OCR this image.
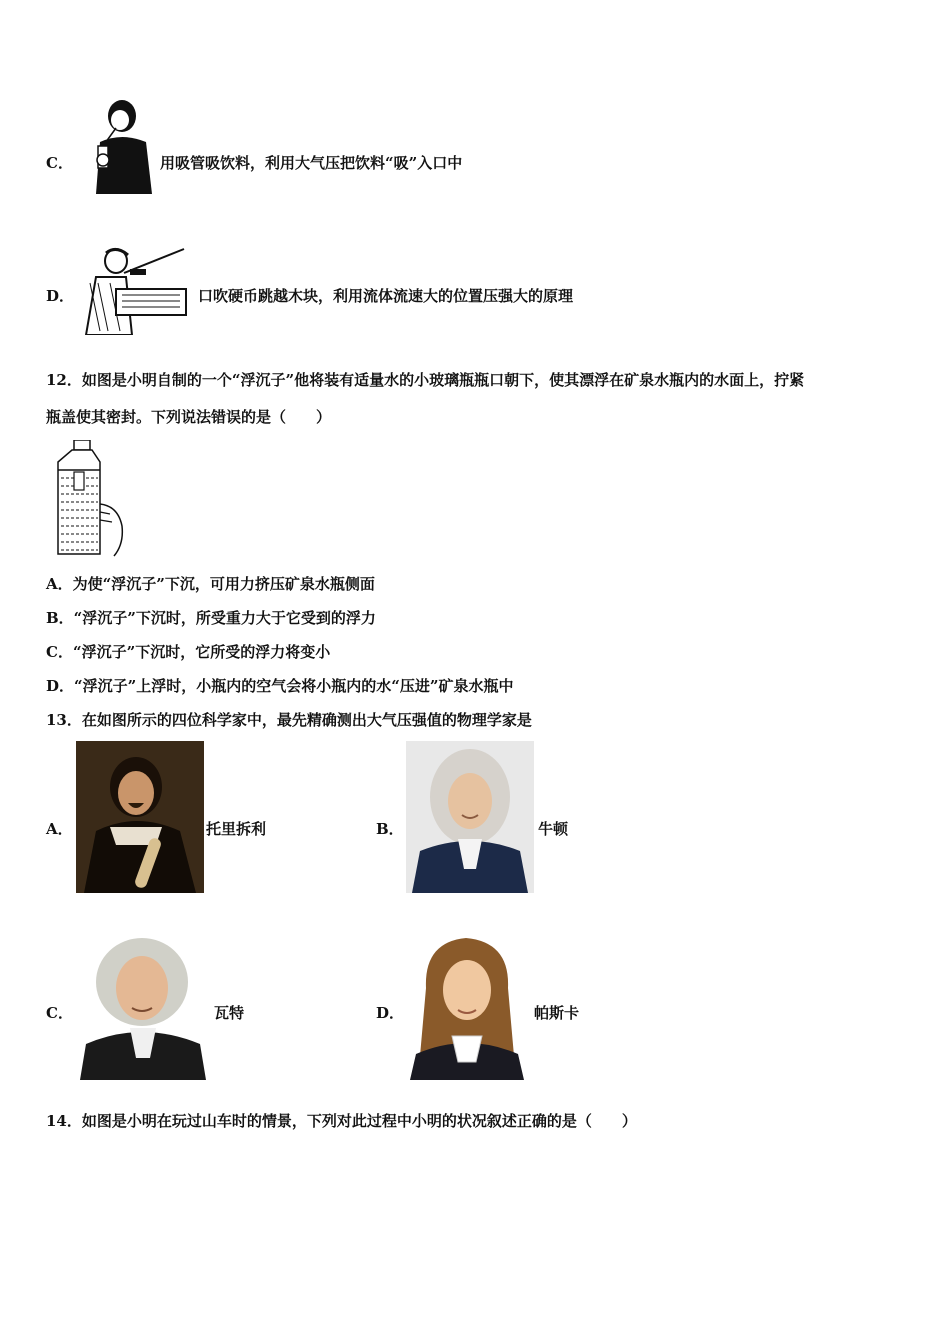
C．	用吸管吸饮料，利用大气压把饮料“吸”入口中
D．	口吹硬币跳越木块，利用流体流速大的位置压强大的原理
12．如图是小明自制的一个“浮沉子”他将装有适量水的小玻璃瓶瓶口朝下，使其漂浮在矿泉水瓶内的水面上，拧紧
瓶盖使其密封。下列说法错误的是（　　）
A．为使“浮沉子”下沉，可用力挤压矿泉水瓶侧面
B．“浮沉子”下沉时，所受重力大于它受到的浮力
C．“浮沉子”下沉时，它所受的浮力将变小
D．“浮沉子”上浮时，小瓶内的空气会将小瓶内的水“压进”矿泉水瓶中
13．在如图所示的四位科学家中，最先精确测出大气压强值的物理学家是
A．	托里拆利	B．	牛顿
C．	瓦特	D．	帕斯卡
14．如图是小明在玩过山车时的情景，下列对此过程中小明的状况叙述正确的是（　　）
